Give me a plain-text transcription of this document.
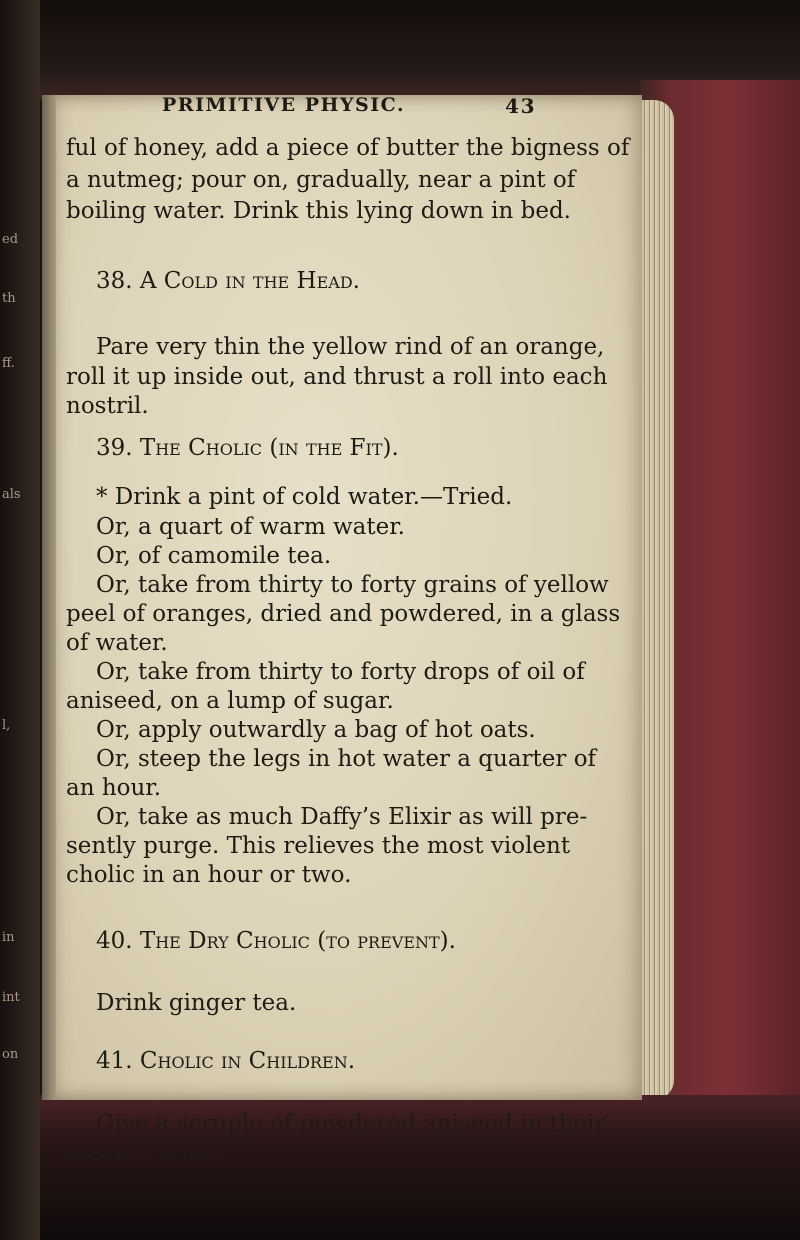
ed
th
ff.
als
l,
in
int
on
PRIMITIVE PHYSIC.	43
ful of honey, add a piece of butter the bigness of
a nutmeg; pour on, gradually, near a pint of
boiling water. Drink this lying down in bed.
38. A Cold in the Head.
Pare very thin the yellow rind of an orange,
roll it up inside out, and thrust a roll into each
nostril.
39. The Cholic (in the Fit).
* Drink a pint of cold water.—Tried.
Or, a quart of warm water.
Or, of camomile tea.
Or, take from thirty to forty grains of yellow
peel of oranges, dried and powdered, in a glass
of water.
Or, take from thirty to forty drops of oil of
aniseed, on a lump of sugar.
Or, apply outwardly a bag of hot oats.
Or, steep the legs in hot water a quarter of
an hour.
Or, take as much Daffy’s Elixir as will pre-
sently purge. This relieves the most violent
cholic in an hour or two.
40. The Dry Cholic (to prevent).
Drink ginger tea.
41. Cholic in Children.
Give a scruple of powdered aniseed in their
meat.—Tried.
